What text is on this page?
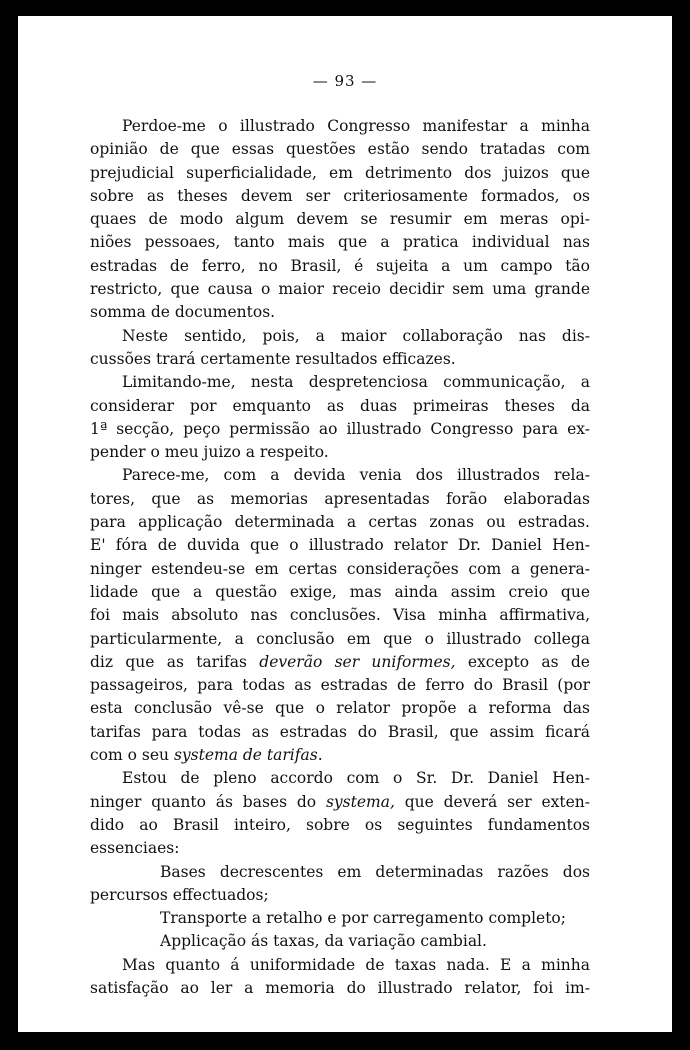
— 93 —
Perdoe-me o illustrado Congresso manifestar a minha
opinião de que essas questões estão sendo tratadas com
prejudicial superficialidade, em detrimento dos juizos que
sobre as theses devem ser criteriosamente formados, os
quaes de modo algum devem se resumir em meras opi-
niões pessoaes, tanto mais que a pratica individual nas
estradas de ferro, no Brasil, é sujeita a um campo tão
restricto, que causa o maior receio decidir sem uma grande
somma de documentos.
Neste sentido, pois, a maior collaboração nas dis-
cussões trará certamente resultados efficazes.
Limitando-me, nesta despretenciosa communicação, a
considerar por emquanto as duas primeiras theses da
1ª secção, peço permissão ao illustrado Congresso para ex-
pender o meu juizo a respeito.
Parece-me, com a devida venia dos illustrados rela-
tores, que as memorias apresentadas forão elaboradas
para applicação determinada a certas zonas ou estradas.
E' fóra de duvida que o illustrado relator Dr. Daniel Hen-
ninger estendeu-se em certas considerações com a genera-
lidade que a questão exige, mas ainda assim creio que
foi mais absoluto nas conclusões. Visa minha affirmativa,
particularmente, a conclusão em que o illustrado collega
diz que as tarifas deverão ser uniformes, excepto as de
passageiros, para todas as estradas de ferro do Brasil (por
esta conclusão vê-se que o relator propõe a reforma das
tarifas para todas as estradas do Brasil, que assim ficará
com o seu systema de tarifas.
Estou de pleno accordo com o Sr. Dr. Daniel Hen-
ninger quanto ás bases do systema, que deverá ser exten-
dido ao Brasil inteiro, sobre os seguintes fundamentos
essenciaes:
Bases decrescentes em determinadas razões dos
percursos effectuados;
Transporte a retalho e por carregamento completo;
Applicação ás taxas, da variação cambial.
Mas quanto á uniformidade de taxas nada. E a minha
satisfação ao ler a memoria do illustrado relator, foi im-
